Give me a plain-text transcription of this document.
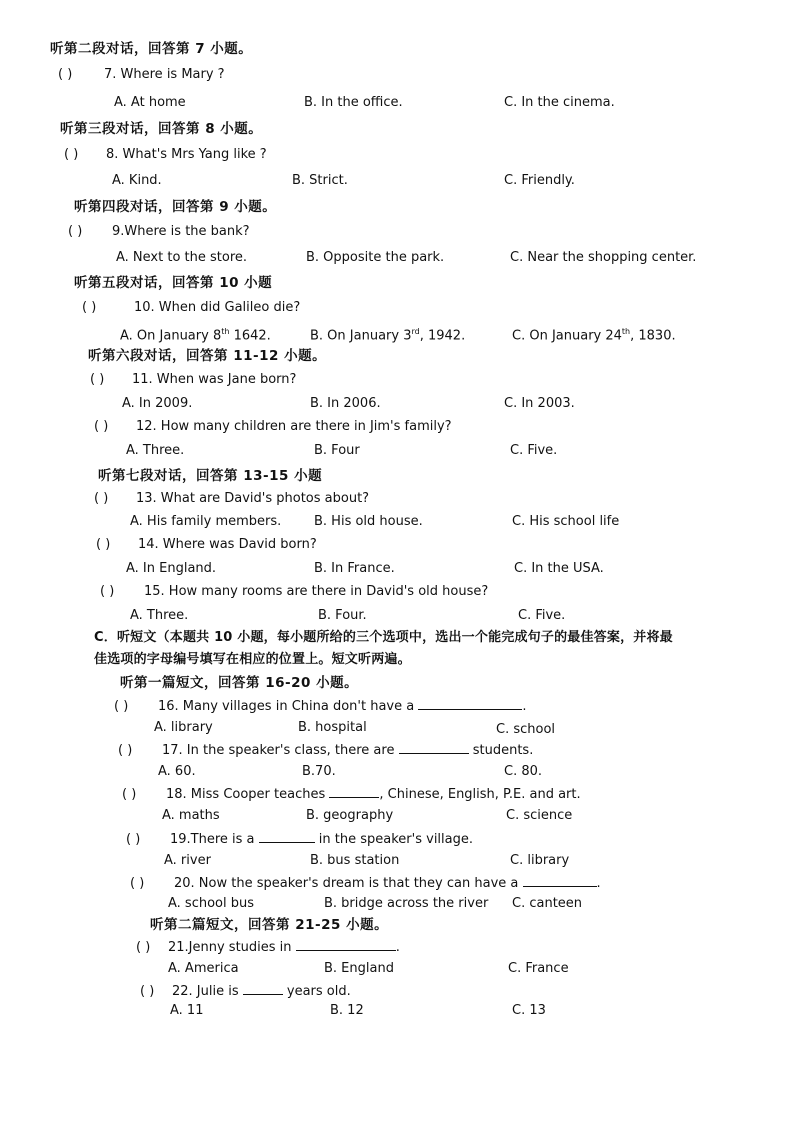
听第二段对话，回答第 7 小题。
( ) 7. Where is Mary ?
A. At home	B. In the office.	C. In the cinema.
听第三段对话，回答第 8 小题。
( ) 8. What's Mrs Yang like ?
A. Kind.	B. Strict.	C. Friendly.
听第四段对话，回答第 9 小题。
( ) 9.Where is the bank?
A. Next to the store.	B. Opposite the park.	C. Near the shopping center.
听第五段对话，回答第 10 小题
( )	10. When did Galileo die?
A. On January 8th 1642.	B. On January 3rd, 1942.	C. On January 24th, 1830.
听第六段对话，回答第 11-12 小题。
( ) 11. When was Jane born?
A. In 2009.	B. In 2006.	C. In 2003.
( ) 12. How many children are there in Jim's family?
A. Three.	B. Four	C. Five.
听第七段对话，回答第 13-15 小题
( ) 13. What are David's photos about?
A. His family members.	B. His old house.	C. His school life
( ) 14. Where was David born?
A. In England.	B. In France.	C. In the USA.
( ) 15. How many rooms are there in David's old house?
A. Three.	B. Four.	C. Five.
C．听短文（本题共 10 小题，每小题所给的三个选项中，选出一个能完成句子的最佳答案，并将最
佳选项的字母编号填写在相应的位置上。短文听两遍。
听第一篇短文，回答第 16-20 小题。
( ) 16. Many villages in China don't have a	.
A. library	B. hospital	C. school
( ) 17. In the speaker's class, there are	students.
A. 60.	B.70.	C. 80.
( ) 18. Miss Cooper teaches	, Chinese, English, P.E. and art.
A. maths	B. geography	C. science
( ) 19.There is a	in the speaker's village.
A. river	B. bus station	C. library
( ) 20. Now the speaker's dream is that they can have a	.
A. school bus	B. bridge across the river C. canteen
听第二篇短文，回答第 21-25 小题。
( ) 21.Jenny studies in	.
A. America	B. England	C. France
( ) 22. Julie is	years old.
A. 11	B. 12	C. 13
